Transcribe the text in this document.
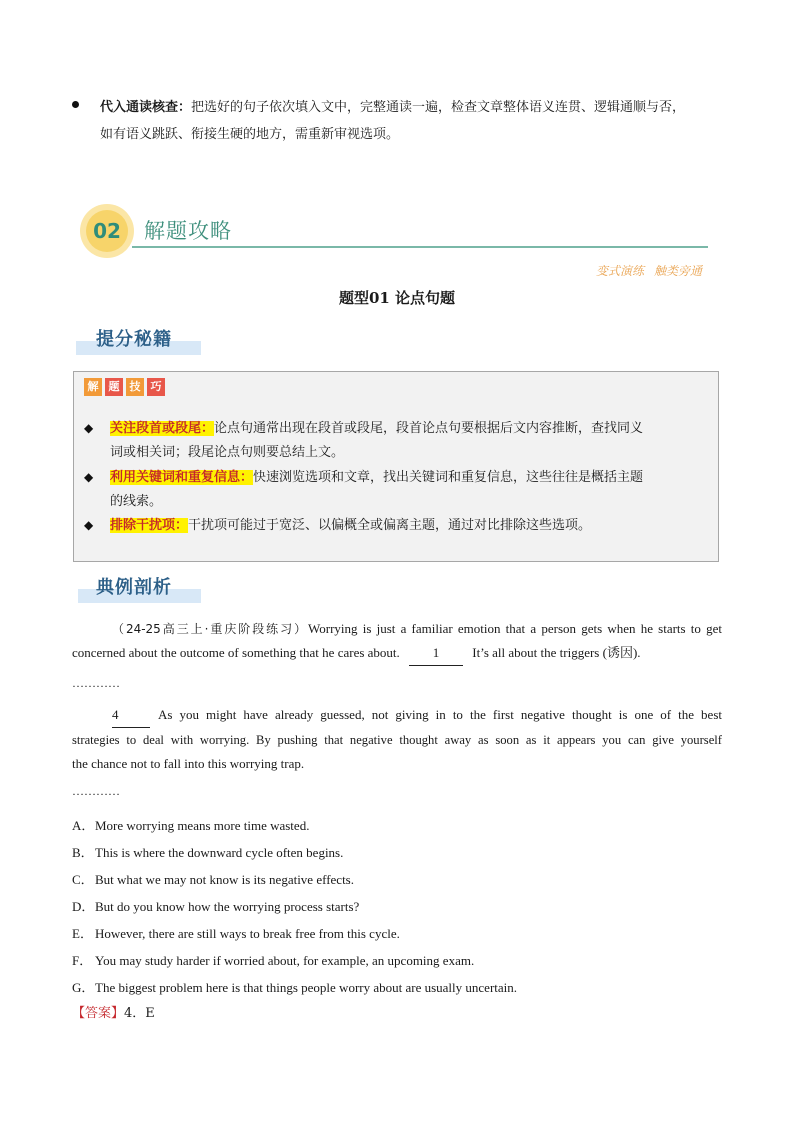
代入通读核查：把选好的句子依次填入文中，完整通读一遍，检查文章整体语义连贯、逻辑通顺与否，
如有语义跳跃、衔接生硬的地方，需重新审视选项。
02	解题攻略
变式演练 触类旁通
题型01 论点句题
提分秘籍
解 题 技 巧
◆ 关注段首或段尾：论点句通常出现在段首或段尾，段首论点句要根据后文内容推断，查找同义
词或相关词；段尾论点句则要总结上文。
◆ 利用关键词和重复信息：快速浏览选项和文章，找出关键词和重复信息，这些往往是概括主题
的线索。
◆ 排除干扰项：干扰项可能过于宽泛、以偏概全或偏离主题，通过对比排除这些选项。
典例剖析
（24-25高三上·重庆阶段练习）Worrying is just a familiar emotion that a person gets when he starts to get
concerned about the outcome of something that he cares about.	1	It’s all about the triggers (诱因).
…………
4	As you might have already guessed, not giving in to the first negative thought is one of the best
strategies to deal with worrying. By pushing that negative thought away as soon as it appears you can give yourself
the chance not to fall into this worrying trap.
…………
A．More worrying means more time wasted.
B．This is where the downward cycle often begins.
C．But what we may not know is its negative effects.
D．But do you know how the worrying process starts?
E． However, there are still ways to break free from this cycle.
F． You may study harder if worried about, for example, an upcoming exam.
G．The biggest problem here is that things people worry about are usually uncertain.
【答案】4．E
